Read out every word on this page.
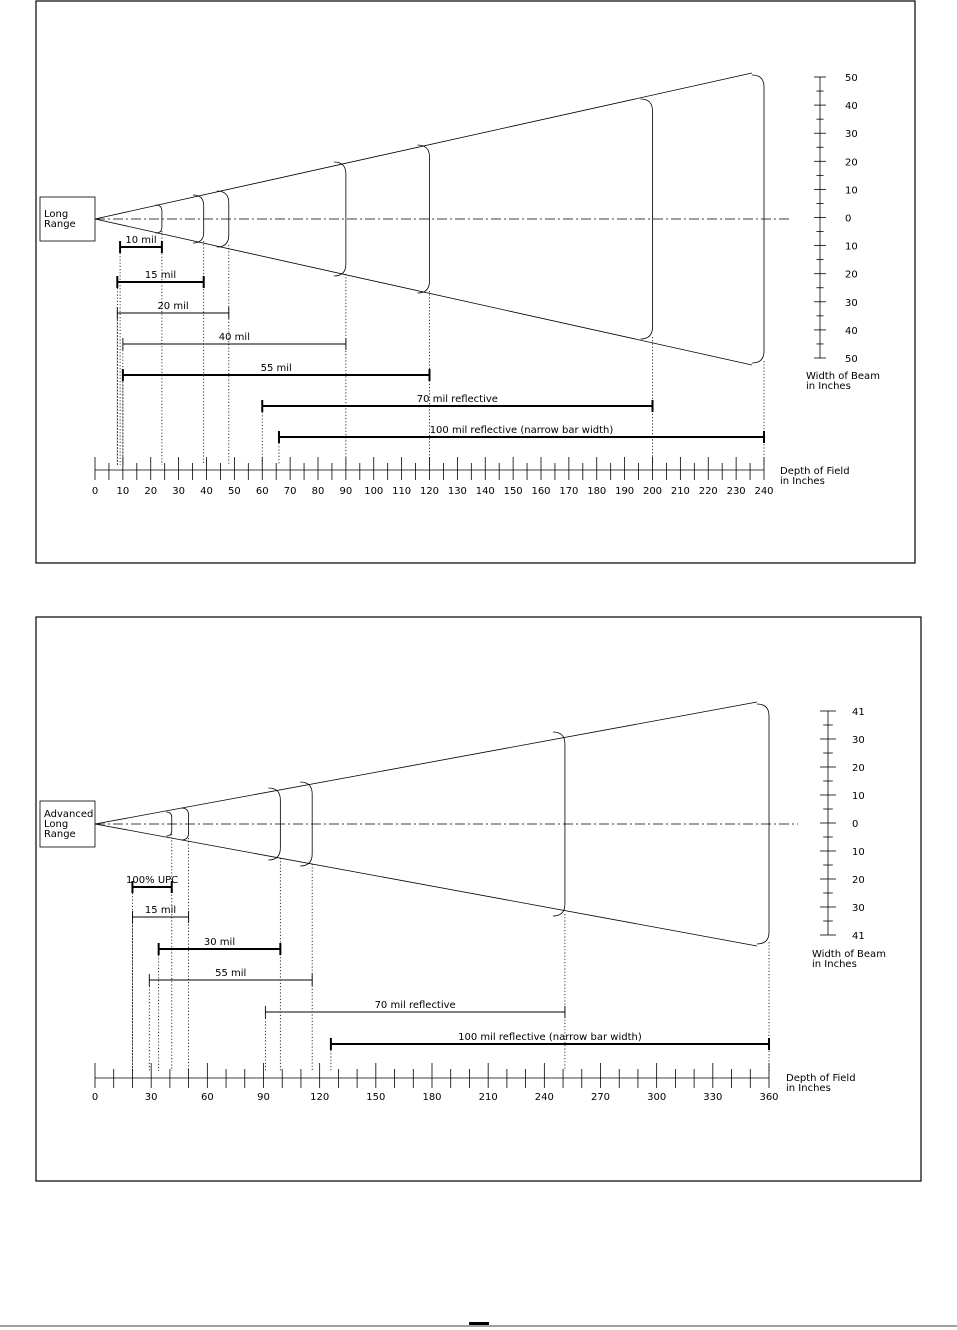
Long
Range
50
40
30
20
10
0
10
20
30
40
50
Width of Beam
in Inches
0 10 20 30 40 50 60 70 80 90 100 110 120 130 140 150 160 170 180 190 200 210 220 230 240
Depth of Field
in Inches
10 mil
15 mil
20 mil
40 mil
55 mil
70 mil reflective
100 mil reflective (narrow bar width)
Advanced
Long
Range
41
30
20
10
0
10
20
30
41
Width of Beam
in Inches
0	30	60	90	120	150	180	210	240	270	300	330	360
Depth of Field
in Inches
100% UPC
15 mil
30 mil
55 mil
70 mil reflective
100 mil reflective (narrow bar width)
